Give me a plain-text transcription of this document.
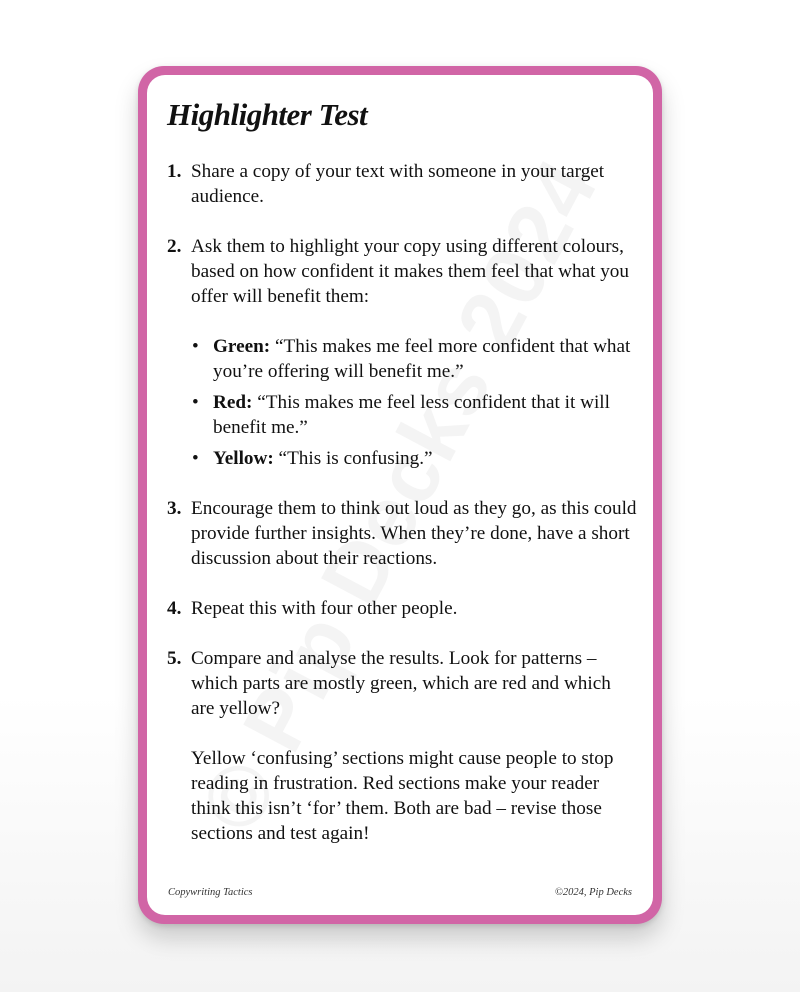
Highlighter Test
1. Share a copy of your text with someone in your target audience.

2. Ask them to highlight your copy using different colours, based on how confident it makes them feel that what you offer will benefit them:

• Green: “This makes me feel more confident that what you’re offering will benefit me.”
• Red: “This makes me feel less confident that it will benefit me.”
• Yellow: “This is confusing.”
3. Encourage them to think out loud as they go, as this could provide further insights. When they’re done, have a short discussion about their reactions.

4. Repeat this with four other people.

5. Compare and analyse the results. Look for patterns – which parts are mostly green, which are red and which are yellow?

Yellow ‘confusing’ sections might cause people to stop reading in frustration. Red sections make your reader think this isn’t ‘for’ them. Both are bad – revise those sections and test again!

Copywriting Tactics	©2024, Pip Decks
